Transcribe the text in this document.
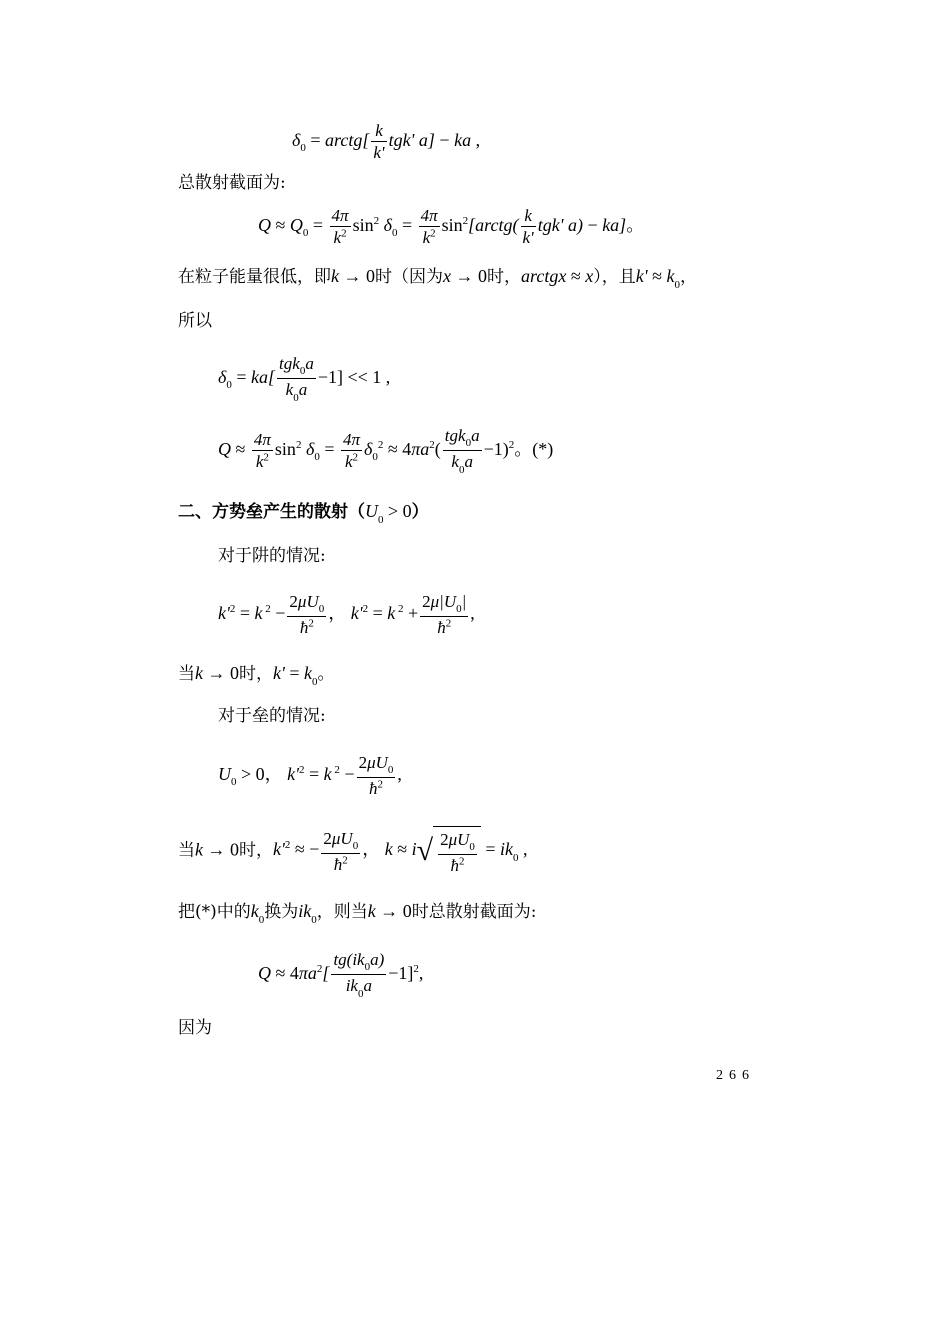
$\delta_0$ = arctg[ $\frac{k}{k'} tgk'$ a] − ka ,
总散射截面为:
$Q \approx Q_0 = \frac{4\pi}{k^2} \sin^2 \delta_0 = \frac{4\pi}{k^2}$ $\sin^2[arctg( \frac{k}{k'} tgk'$ a) − ka]。
在粒子能量很低，即k → 0时（因为x → 0时，arctgx ≈ x），且$k' \approx k_0$，
所以
$\delta_0 = ka[ \frac{tgk_0a}{k_0a} -1] << 1$ ,
$Q \approx \frac{4\pi}{k^2} \sin^2 \delta_0 = \frac{4\pi}{k^2} \delta_0^2 \approx 4\pi a^2( \frac{tgk_0a}{k_0a} -1)^2$。(*)
二、方势垒产生的散射$(U_0 > 0)$
对于阱的情况:
$k'^2 = k$ $^2 - \frac{2\mu U_0}{ħ^2}$ ， $k'^2 = k$ $^2 + \frac{2\mu|U_0|}{ħ^2}$ ,
当k → 0时，$k' = k_0$。
对于垒的情况:
$U_0 > 0$， $k'^2 = k$ $^2 - \frac{2\mu U_0}{ħ^2}$ ,
当k → 0时，$k'^2$ ≈ − $\frac{2\mu U_0}{ħ^2}$ ， $k \approx i√ \frac{2\mu U_0}{ħ^2} = ik_0$ ,
把(*)中的$k_0$换为$ik_0$，则当k → 0时总散射截面为:
$Q \approx 4\pi a^2[ \frac{tg(ik_0a)}{ik_0a} -1]^2$,
因为
266
